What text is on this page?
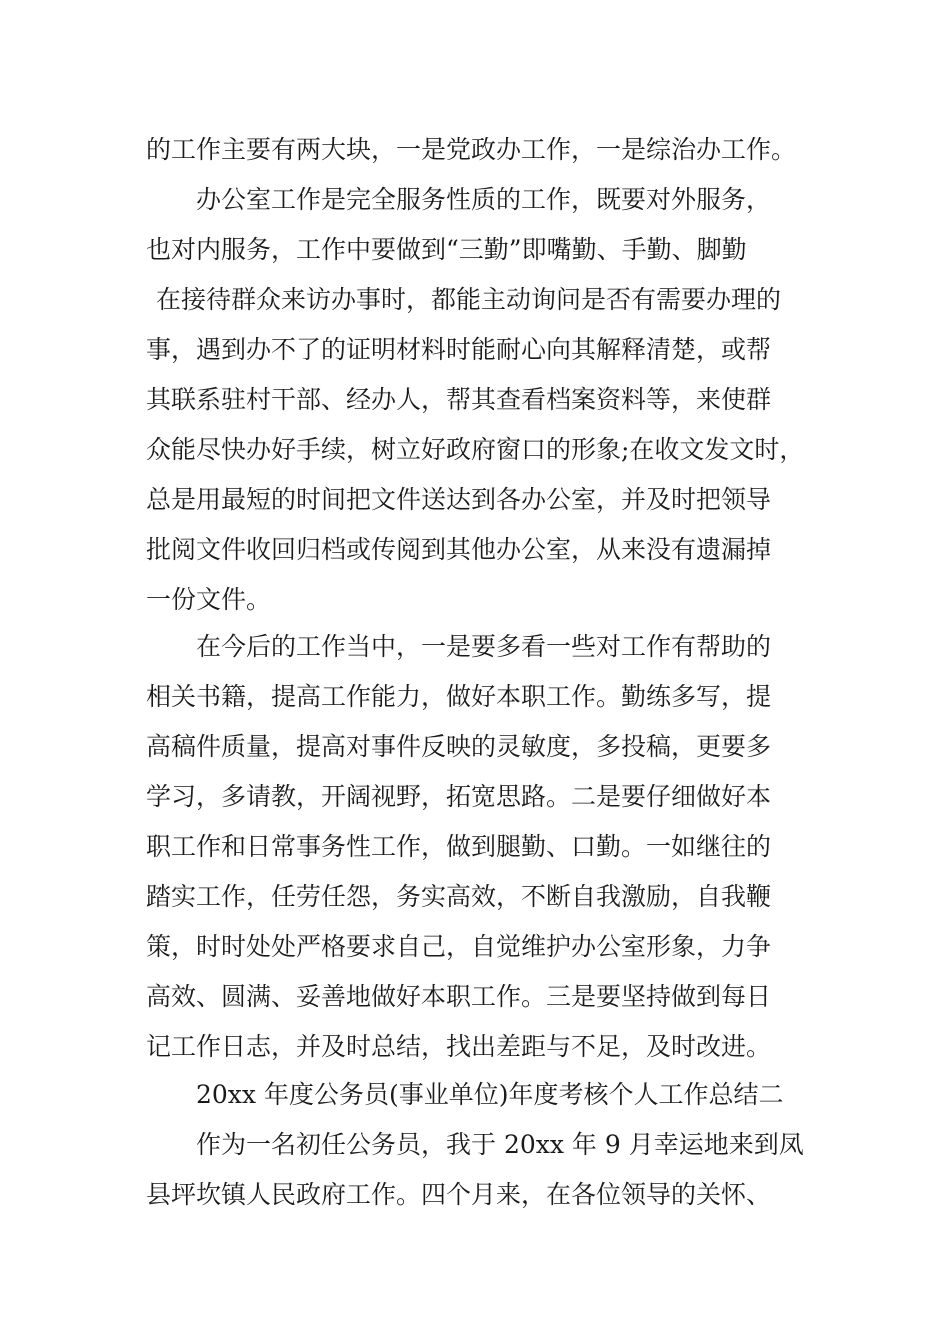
的工作主要有两大块，一是党政办工作，一是综治办工作。
办公室工作是完全服务性质的工作，既要对外服务，
也对内服务，工作中要做到“三勤”即嘴勤、手勤、脚勤
在接待群众来访办事时，都能主动询问是否有需要办理的
事，遇到办不了的证明材料时能耐心向其解释清楚，或帮
其联系驻村干部、经办人，帮其查看档案资料等，来使群
众能尽快办好手续，树立好政府窗口的形象;在收文发文时，
总是用最短的时间把文件送达到各办公室，并及时把领导
批阅文件收回归档或传阅到其他办公室，从来没有遗漏掉
一份文件。
在今后的工作当中，一是要多看一些对工作有帮助的
相关书籍，提高工作能力，做好本职工作。勤练多写，提
高稿件质量，提高对事件反映的灵敏度，多投稿，更要多
学习，多请教，开阔视野，拓宽思路。二是要仔细做好本
职工作和日常事务性工作，做到腿勤、口勤。一如继往的
踏实工作，任劳任怨，务实高效，不断自我激励，自我鞭
策，时时处处严格要求自己，自觉维护办公室形象，力争
高效、圆满、妥善地做好本职工作。三是要坚持做到每日
记工作日志，并及时总结，找出差距与不足，及时改进。
20xx 年度公务员(事业单位)年度考核个人工作总结二
作为一名初任公务员，我于 20xx 年 9 月幸运地来到凤
县坪坎镇人民政府工作。四个月来，在各位领导的关怀、
